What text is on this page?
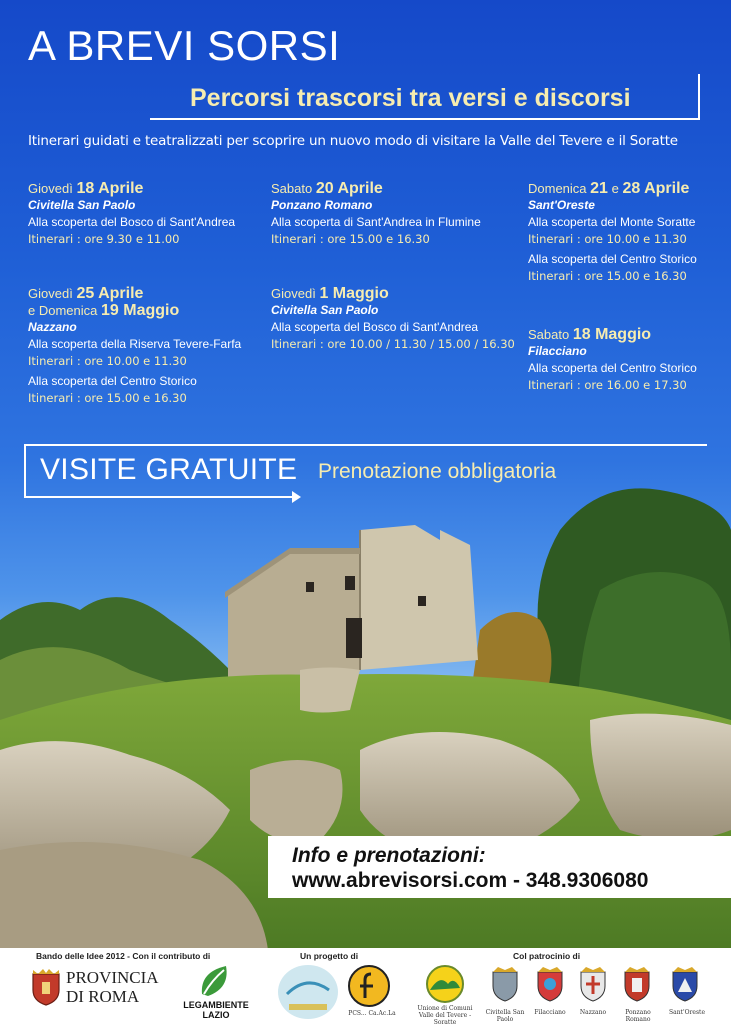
A BREVI SORSI
Percorsi trascorsi tra versi e discorsi
Itinerari guidati e teatralizzati per scoprire un nuovo modo di visitare la Valle del Tevere e il Soratte
Giovedì 18 Aprile
Civitella San Paolo
Alla scoperta del Bosco di Sant'Andrea
Itinerari : ore 9.30 e 11.00
Sabato 20 Aprile
Ponzano Romano
Alla scoperta di Sant'Andrea in Flumine
Itinerari : ore 15.00 e 16.30
Domenica 21 e 28 Aprile
Sant'Oreste
Alla scoperta del Monte Soratte
Itinerari : ore 10.00 e 11.30
Alla scoperta del Centro Storico
Itinerari : ore 15.00 e 16.30
Giovedì 25 Aprile
e Domenica 19 Maggio
Nazzano
Alla scoperta della Riserva Tevere-Farfa
Itinerari : ore 10.00 e 11.30
Alla scoperta del Centro Storico
Itinerari : ore 15.00 e 16.30
Giovedì 1 Maggio
Civitella San Paolo
Alla scoperta del Bosco di Sant'Andrea
Itinerari : ore 10.00 / 11.30 / 15.00 / 16.30
Sabato 18 Maggio
Filacciano
Alla scoperta del Centro Storico
Itinerari : ore 16.00 e 17.30
VISITE GRATUITE Prenotazione obbligatoria
Info e prenotazioni:
www.abrevisorsi.com - 348.9306080
Bando delle Idee 2012 - Con il contributo di
PROVINCIA
DI ROMA	LEGAMBIENTE
LAZIO
Un progetto di
PCS... Ca.Ac.La
Col patrocinio di
Unione di Comuni Valle del Tevere - Soratte
Civitella San Paolo
Filacciano	Nazzano	Ponzano Romano
Sant'Oreste
